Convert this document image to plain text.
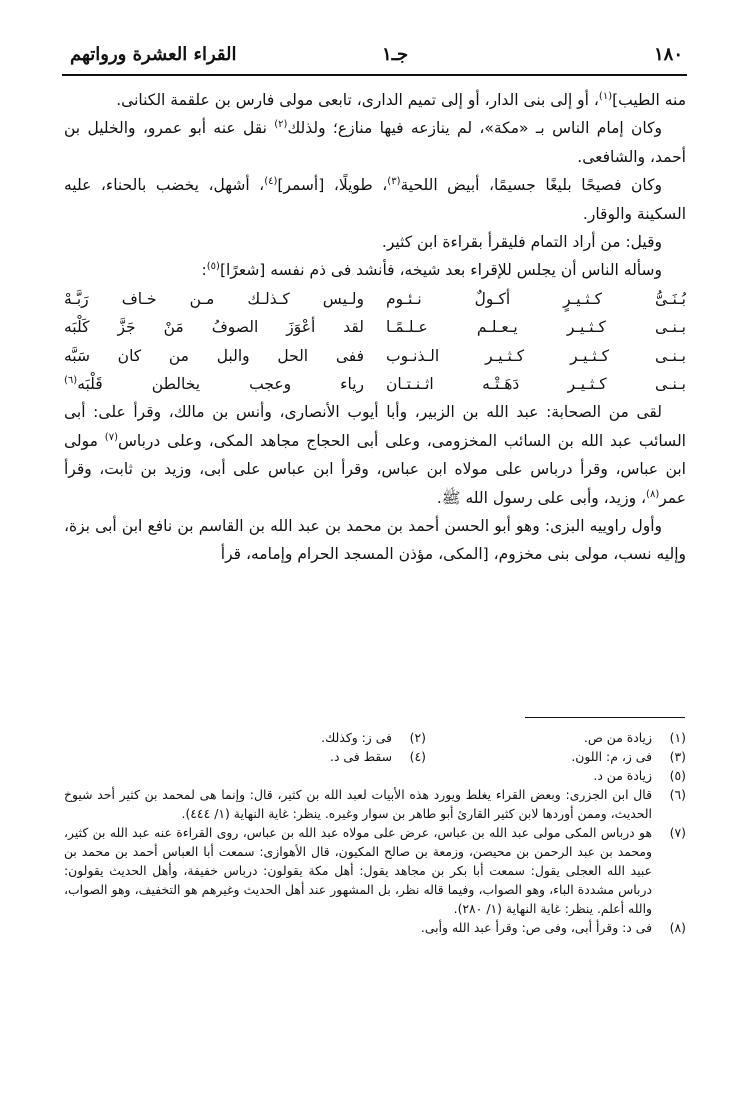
القراء العشرة ورواتهم	جـ١	١٨٠

منه الطيب]$^{(١)}$، أو إلى بنى الدار، أو إلى تميم الدارى، تابعى مولى فارس بن علقمة الكنانى.

وكان إمام الناس بـ «مكة»، لم ينازعه فيها منازع؛ ولذلك$^{(٢)}$ نقل عنه أبو عمرو، والخليل بن أحمد، والشافعى.

وكان فصيحًا بليغًا جسيمًا، أبيض اللحية$^{(٣)}$، طويلًا، [أسمر]$^{(٤)}$، أشهل، يخضب بالحناء، عليه السكينة والوقار.

وقيل: من أراد التمام فليقرأ بقراءة ابن كثير.

وسأله الناس أن يجلس للإقراء بعد شيخه، فأنشد فى ذم نفسه [شعرًا]$^{(٥)}$:

بُـنَـىُّ كـثـيـرٍ أكـولٌ نـئـوم
ولـيس كـذلـك مـن خـاف رَبَّـهْ
بـنـى كـثـيـر يـعـلـم عـلـمًـا
لقد أعْوَزَ الصوفُ مَنْ جَزَّ كَلْبَه
بـنـى كـثـيـر كـثـيـر الـذنـوب
ففى الحل والبل من كان سَبَّه
بـنـى كـثـيـر دَهَـتْـه اثـنـتـان
رياء وعجب يخالطن قَلْبَه$^{(٦)}$

لقى من الصحابة: عبد الله بن الزبير، وأبا أيوب الأنصارى، وأنس بن مالك، وقرأ على: أبى السائب عبد الله بن السائب المخزومى، وعلى أبى الحجاج مجاهد المكى، وعلى درباس$^{(٧)}$ مولى ابن عباس، وقرأ درباس على مولاه ابن عباس، وقرأ ابن عباس على أبى، وزيد بن ثابت، وقرأ عمر$^{(٨)}$، وزيد، وأبى على رسول الله ﷺ.

وأول راوييه البزى: وهو أبو الحسن أحمد بن محمد بن عبد الله بن القاسم بن نافع ابن أبى بزة، وإليه نسب، مولى بنى مخزوم، [المكى، مؤذن المسجد الحرام وإمامه، قرأ

(١)
زيادة من ص.
(٢)
فى ز: وكذلك.
(٣)
فى ز، م: اللون.
(٤)
سقط فى د.
(٥)
زيادة من د.
(٦)
قال ابن الجزرى: وبعض القراء يغلط ويورد هذه الأبيات لعبد الله بن كثير، قال: وإنما هى لمحمد بن كثير أحد شيوخ الحديث، وممن أوردها لابن كثير القارئ أبو طاهر بن سوار وغيره. ينظر: غاية النهاية (١/ ٤٤٤).
(٧)
هو درباس المكى مولى عبد الله بن عباس، عرض على مولاه عبد الله بن عباس، روى القراءة عنه عبد الله بن كثير، ومحمد بن عبد الرحمن بن محيصن، وزمعة بن صالح المكيون، قال الأهوازى: سمعت أبا العباس أحمد بن محمد بن عبيد الله العجلى يقول: سمعت أبا بكر بن مجاهد يقول: أهل مكة يقولون: درباس خفيفة، وأهل الحديث يقولون: درباس مشددة الباء، وهو الصواب، وفيما قاله نظر، بل المشهور عند أهل الحديث وغيرهم هو التخفيف، وهو الصواب، والله أعلم. ينظر: غاية النهاية (١/ ٢٨٠).
(٨)
فى د: وقرأ أبى، وفى ص: وقرأ عبد الله وأبى.
